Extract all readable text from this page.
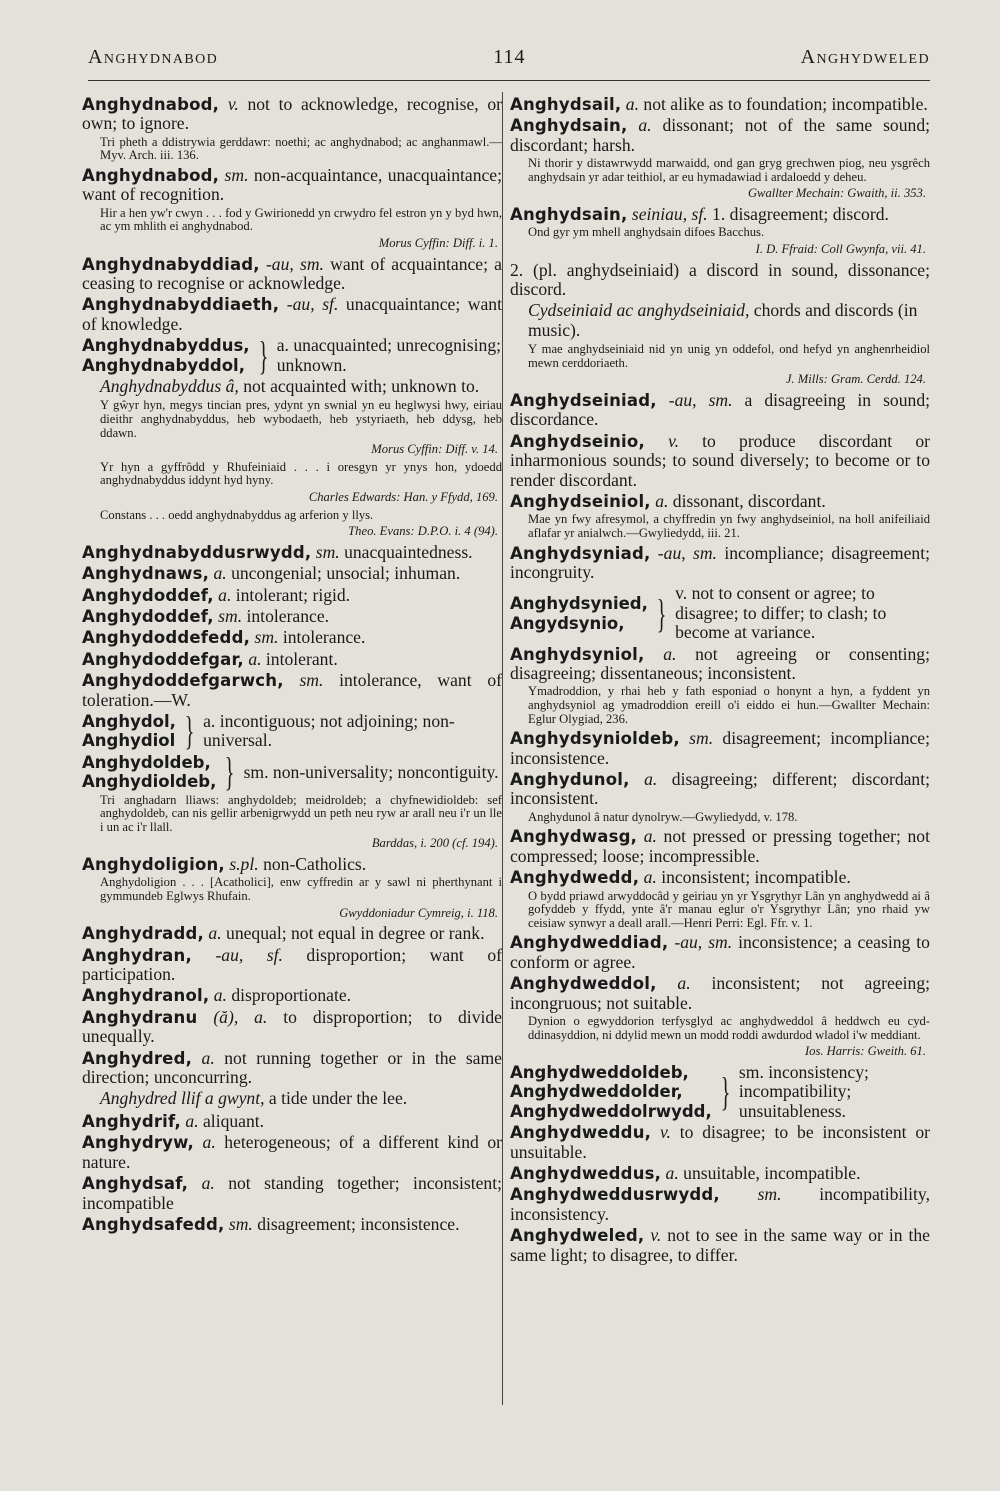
Anghydnabod	114	Anghydweled
Anghydnabod, v. not to acknowledge, recognise, or own; to ignore.
Tri pheth a ddistrywia gerddawr: noethi; ac anghydnabod; ac anghanmawl.—Myv. Arch. iii. 136.
Anghydnabod, sm. non-acquaintance, unacquaintance; want of recognition.
Hir a hen yw'r cwyn . . . fod y Gwirionedd yn crwydro fel estron yn y byd hwn, ac ym mhlith ei anghydnabod.
Morus Cyffin: Diff. i. 1.
Anghydnabyddiad, -au, sm. want of acquaintance; a ceasing to recognise or acknowledge.
Anghydnabyddiaeth, -au, sf. unacquaintance; want of knowledge.
Anghydnabyddus,
Anghydnabyddol, } a. unacquainted; unrecognising; unknown.
Anghydnabyddus â, not acquainted with; unknown to.
Y gŵyr hyn, megys tincian pres, ydynt yn swnial yn eu heglwysi hwy, eiriau dieithr anghydnabyddus, heb wybodaeth, heb ystyriaeth, heb ddysg, heb ddawn.
Morus Cyffin: Diff. v. 14.
Yr hyn a gyffrôdd y Rhufeiniaid . . . i oresgyn yr ynys hon, ydoedd anghydnabyddus iddynt hyd hyny.
Charles Edwards: Han. y Ffydd, 169.
Constans . . . oedd anghydnabyddus ag arferion y llys.
Theo. Evans: D.P.O. i. 4 (94).
Anghydnabyddusrwydd, sm. unacquaintedness.
Anghydnaws, a. uncongenial; unsocial; inhuman.
Anghydoddef, a. intolerant; rigid.
Anghydoddef, sm. intolerance.
Anghydoddefedd, sm. intolerance.
Anghydoddefgar, a. intolerant.
Anghydoddefgarwch, sm. intolerance, want of toleration.—W.
Anghydol,
Anghydiol } a. incontiguous; not adjoining; non-universal.
Anghydoldeb,
Anghydioldeb, } sm. non-universality; noncontiguity.
Tri anghadarn lliaws: anghydoldeb; meidroldeb; a chyfnewidioldeb: sef anghydoldeb, can nis gellir arbenigrwydd un peth neu ryw ar arall neu i'r un lle i un ac i'r llall.
Barddas, i. 200 (cf. 194).
Anghydoligion, s.pl. non-Catholics.
Anghydoligion . . . [Acatholici], enw cyffredin ar y sawl ni pherthynant i gymmundeb Eglwys Rhufain.
Gwyddoniadur Cymreig, i. 118.
Anghydradd, a. unequal; not equal in degree or rank.
Anghydran, -au, sf. disproportion; want of participation.
Anghydranol, a. disproportionate.
Anghydranu (ă), a. to disproportion; to divide unequally.
Anghydred, a. not running together or in the same direction; unconcurring.
Anghydred llif a gwynt, a tide under the lee.
Anghydrif, a. aliquant.
Anghydryw, a. heterogeneous; of a different kind or nature.
Anghydsaf, a. not standing together; inconsistent; incompatible
Anghydsafedd, sm. disagreement; inconsistence.
Anghydsail, a. not alike as to foundation; incompatible.
Anghydsain, a. dissonant; not of the same sound; discordant; harsh.
Ni thorir y distawrwydd marwaidd, ond gan gryg grechwen piog, neu ysgrêch anghydsain yr adar teithiol, ar eu hymadawiad i ardaloedd y deheu.
Gwallter Mechain: Gwaith, ii. 353.
Anghydsain, seiniau, sf. 1. disagreement; discord.
Ond gyr ym mhell anghydsain difoes Bacchus.
I. D. Ffraid: Coll Gwynfa, vii. 41.
2. (pl. anghydseiniaid) a discord in sound, dissonance; discord.
Cydseiniaid ac anghydseiniaid, chords and discords (in music).
Y mae anghydseiniaid nid yn unig yn oddefol, ond hefyd yn anghenrheidiol mewn cerddoriaeth.
J. Mills: Gram. Cerdd. 124.
Anghydseiniad, -au, sm. a disagreeing in sound; discordance.
Anghydseinio, v. to produce discordant or inharmonious sounds; to sound diversely; to become or to render discordant.
Anghydseiniol, a. dissonant, discordant.
Mae yn fwy afresymol, a chyffredin yn fwy anghydseiniol, na holl anifeiliaid aflafar yr anialwch.—Gwyliedydd, iii. 21.
Anghydsyniad, -au, sm. incompliance; disagreement; incongruity.
Anghydsynied,
Angydsynio, } v. not to consent or agree; to disagree; to differ; to clash; to become at variance.
Anghydsyniol, a. not agreeing or consenting; disagreeing; dissentaneous; inconsistent.
Ymadroddion, y rhai heb y fath esponiad o honynt a hyn, a fyddent yn anghydsyniol ag ymadroddion ereill o'i eiddo ei hun.—Gwallter Mechain: Eglur Olygiad, 236.
Anghydsynioldeb, sm. disagreement; incompliance; inconsistence.
Anghydunol, a. disagreeing; different; discordant; inconsistent.
Anghydunol â natur dynolryw.—Gwyliedydd, v. 178.
Anghydwasg, a. not pressed or pressing together; not compressed; loose; incompressible.
Anghydwedd, a. inconsistent; incompatible.
O bydd priawd arwyddocâd y geiriau yn yr Ysgrythyr Lân yn anghydwedd ai â gofyddeb y ffydd, ynte â'r manau eglur o'r Ysgrythyr Lân; yno rhaid yw ceisiaw synwyr a deall arall.—Henri Perri: Egl. Ffr. v. 1.
Anghydweddiad, -au, sm. inconsistence; a ceasing to conform or agree.
Anghydweddol, a. inconsistent; not agreeing; incongruous; not suitable.
Dynion o egwyddorion terfysglyd ac anghydweddol â heddwch eu cyd-ddinasyddion, ni ddylid mewn un modd roddi awdurdod wladol i'w meddiant.
Ios. Harris: Gweith. 61.
Anghydweddoldeb,
Anghydweddolder,
Anghydweddolrwydd, } sm. inconsistency; incompatibility; unsuitableness.
Anghydweddu, v. to disagree; to be inconsistent or unsuitable.
Anghydweddus, a. unsuitable, incompatible.
Anghydweddusrwydd, sm. incompatibility, inconsistency.
Anghydweled, v. not to see in the same way or in the same light; to disagree, to differ.
